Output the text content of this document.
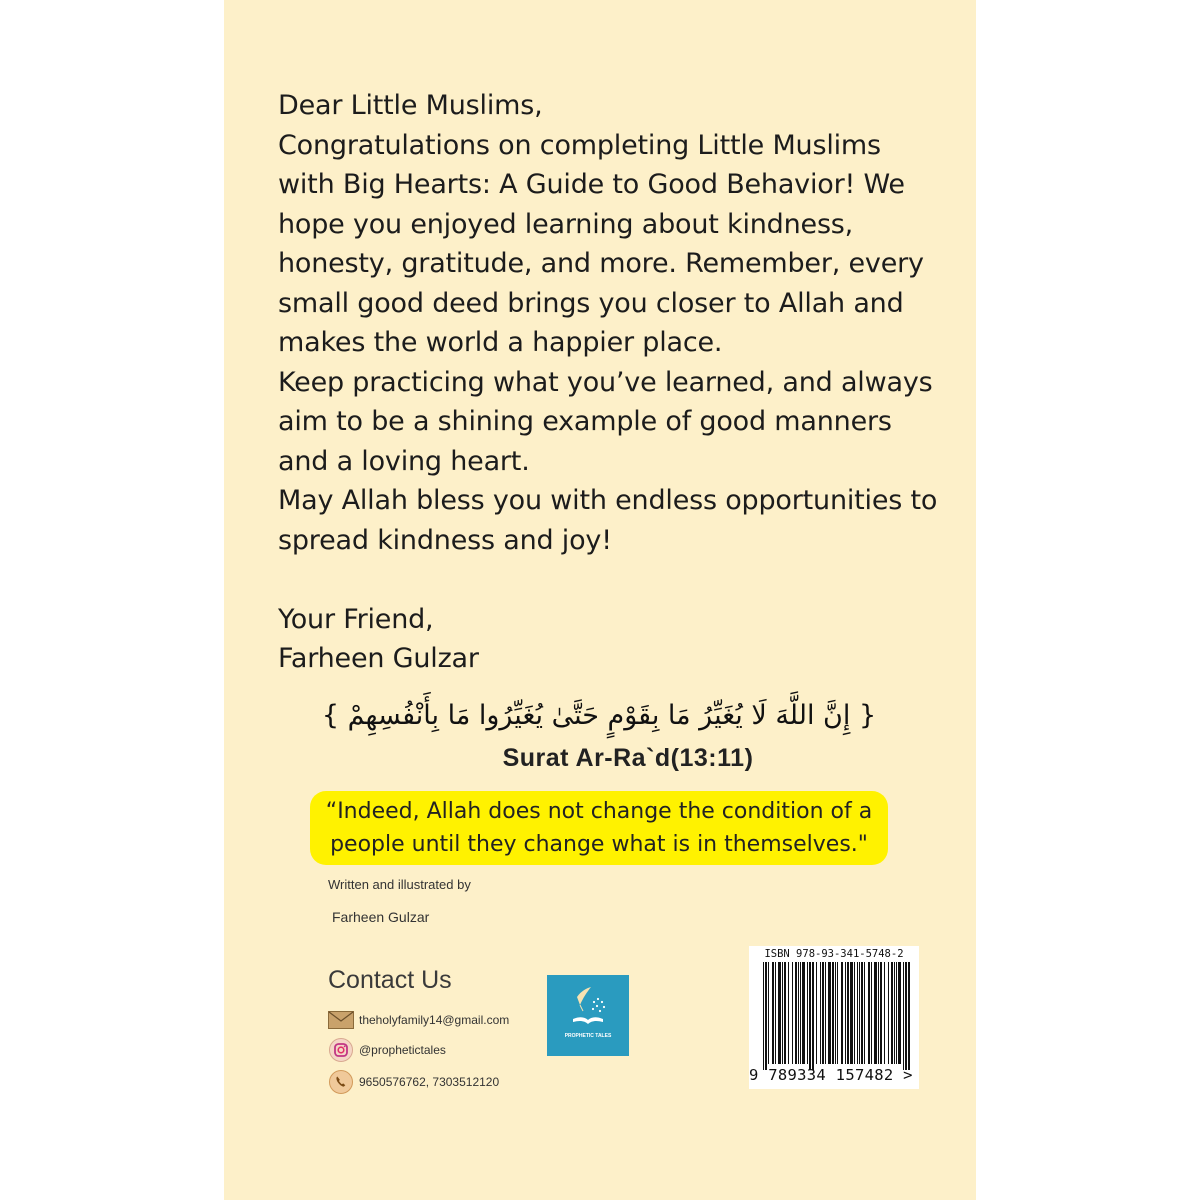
Dear Little Muslims,

Congratulations on completing Little Muslims with Big Hearts: A Guide to Good Behavior! We hope you enjoyed learning about kindness, honesty, gratitude, and more. Remember, every small good deed brings you closer to Allah and makes the world a happier place.

Keep practicing what you’ve learned, and always aim to be a shining example of good manners and a loving heart.

May Allah bless you with endless opportunities to spread kindness and joy!

Your Friend,

Farheen Gulzar

{ إِنَّ اللَّهَ لَا يُغَيِّرُ مَا بِقَوْمٍ حَتَّىٰ يُغَيِّرُوا مَا بِأَنْفُسِهِمْ }
Surat Ar-Ra`d(13:11)
“Indeed, Allah does not change the condition of a
people until they change what is in themselves."
Written and illustrated by
Farheen Gulzar
Contact Us
theholyfamily14@gmail.com
@prophetictales
9650576762, 7303512120
PROPHETIC TALES
ISBN 978-93-341-5748-2
9 789334 157482 >
